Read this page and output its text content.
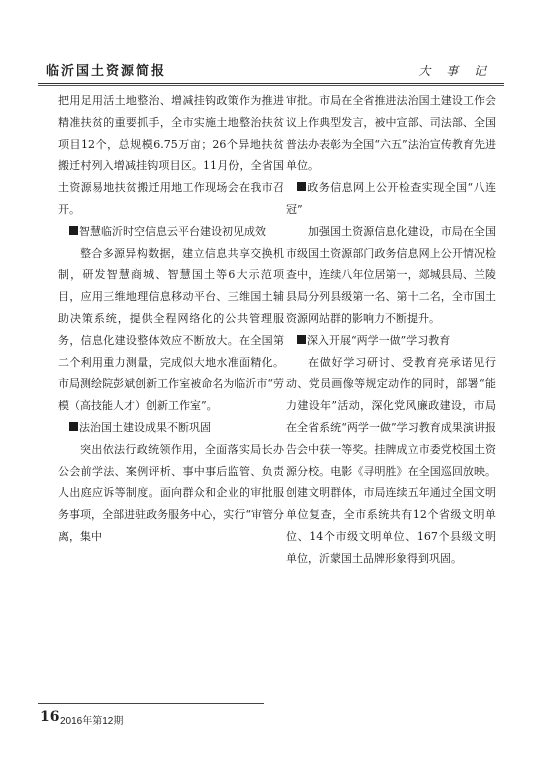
临沂国土资源简报	大 事 记

把用足用活土地整治、增减挂钩政策作为推进精准扶贫的重要抓手，全市实施土地整治扶贫项目12个，总规模6.75万亩；26个异地扶贫搬迁村列入增减挂钩项目区。11月份，全省国土资源易地扶贫搬迁用地工作现场会在我市召开。

智慧临沂时空信息云平台建设初见成效

整合多源异构数据，建立信息共享交换机制，研发智慧商城、智慧国土等6大示范项目，应用三维地理信息移动平台、三维国土辅助决策系统，提供全程网络化的公共管理服务，信息化建设整体效应不断放大。在全国第二个利用重力测量，完成似大地水准面精化。市局测绘院彭斌创新工作室被命名为临沂市“劳模（高技能人才）创新工作室”。

法治国土建设成果不断巩固

突出依法行政统领作用，全面落实局长办公会前学法、案例评析、事中事后监管、负责人出庭应诉等制度。面向群众和企业的审批服务事项，全部进驻政务服务中心，实行“审管分离，集中

审批。市局在全省推进法治国土建设工作会议上作典型发言，被中宣部、司法部、全国普法办表彰为全国“六五”法治宣传教育先进单位。

政务信息网上公开检查实现全国“八连冠”

加强国土资源信息化建设，市局在全国市级国土资源部门政务信息网上公开情况检查中，连续八年位居第一，郯城县局、兰陵县局分列县级第一名、第十二名，全市国土资源网站群的影响力不断提升。

深入开展“两学一做”学习教育

在做好学习研讨、受教育亮承诺见行动、党员画像等规定动作的同时，部署“能力建设年”活动，深化党风廉政建设，市局在全省系统“两学一做”学习教育成果演讲报告会中获一等奖。挂牌成立市委党校国土资源分校。电影《寻明胜》在全国巡回放映。创建文明群体，市局连续五年通过全国文明单位复查，全市系统共有12个省级文明单位、14个市级文明单位、167个县级文明单位，沂蒙国土品牌形象得到巩固。

16 2016年第12期
